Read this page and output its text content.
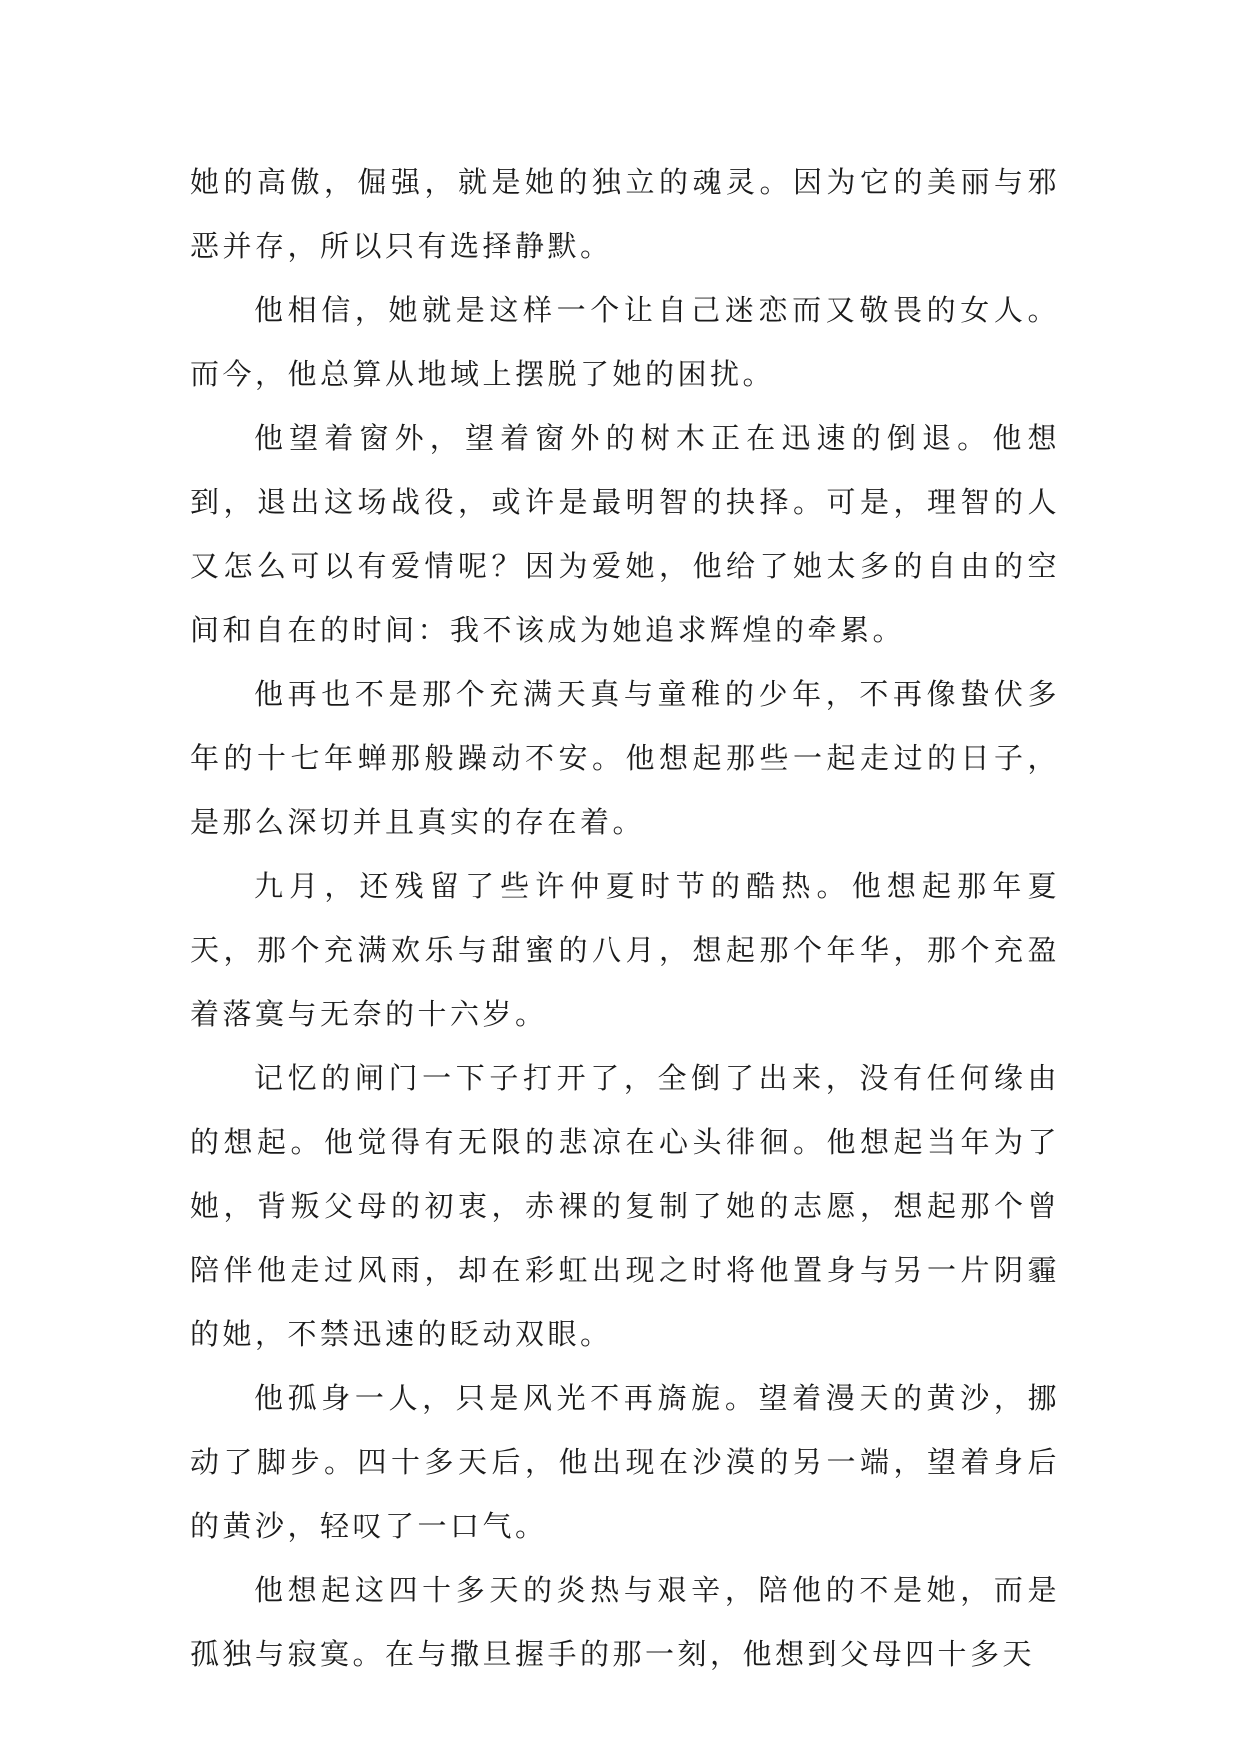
她的高傲，倔强，就是她的独立的魂灵。因为它的美丽与邪恶并存，所以只有选择静默。

他相信，她就是这样一个让自己迷恋而又敬畏的女人。而今，他总算从地域上摆脱了她的困扰。

他望着窗外，望着窗外的树木正在迅速的倒退。他想到，退出这场战役，或许是最明智的抉择。可是，理智的人又怎么可以有爱情呢？因为爱她，他给了她太多的自由的空间和自在的时间：我不该成为她追求辉煌的牵累。

他再也不是那个充满天真与童稚的少年，不再像蛰伏多年的十七年蝉那般躁动不安。他想起那些一起走过的日子，是那么深切并且真实的存在着。

九月，还残留了些许仲夏时节的酷热。他想起那年夏天，那个充满欢乐与甜蜜的八月，想起那个年华，那个充盈着落寞与无奈的十六岁。

记忆的闸门一下子打开了，全倒了出来，没有任何缘由的想起。他觉得有无限的悲凉在心头徘徊。他想起当年为了她，背叛父母的初衷，赤裸的复制了她的志愿，想起那个曾陪伴他走过风雨，却在彩虹出现之时将他置身与另一片阴霾的她，不禁迅速的眨动双眼。

他孤身一人，只是风光不再旖旎。望着漫天的黄沙，挪动了脚步。四十多天后，他出现在沙漠的另一端，望着身后的黄沙，轻叹了一口气。

他想起这四十多天的炎热与艰辛，陪他的不是她，而是孤独与寂寞。在与撒旦握手的那一刻，他想到父母四十多天
